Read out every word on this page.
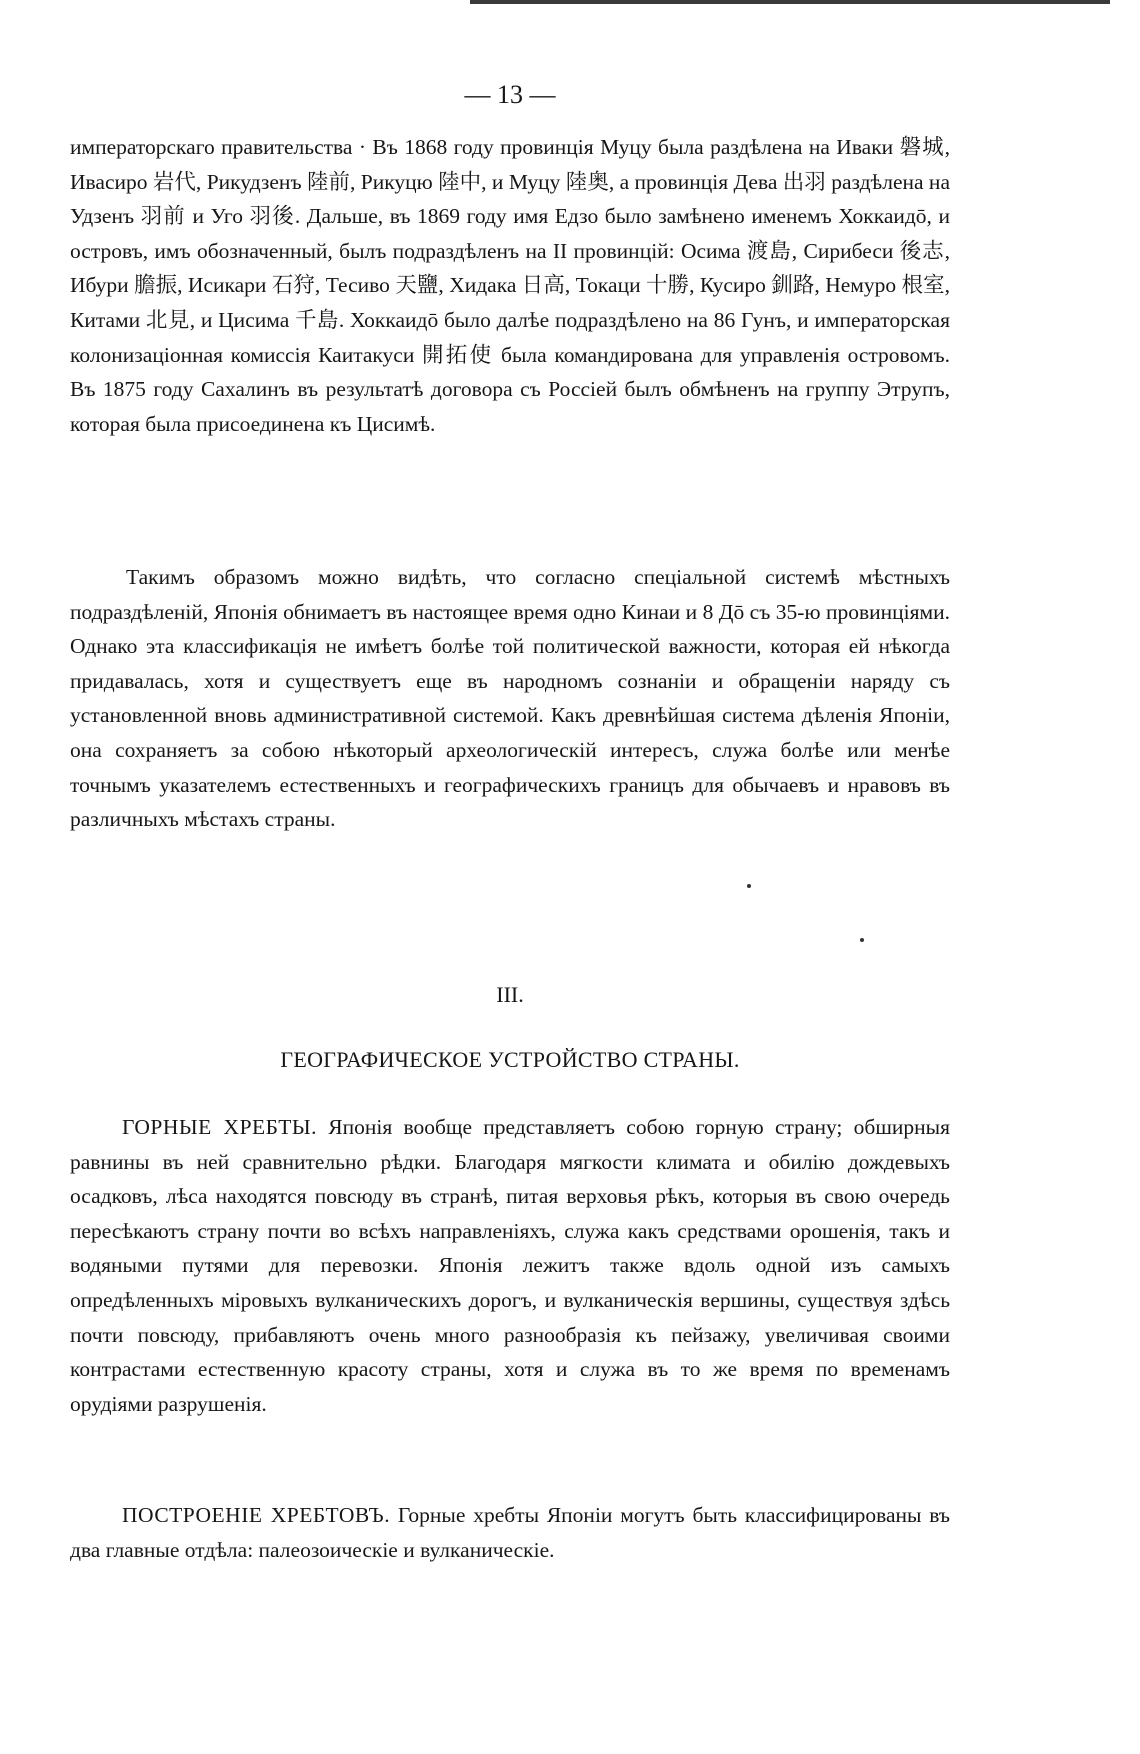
— 13 —

императорскаго правительства · Въ 1868 году провинція Муцу была раздѣлена на Иваки 磐城, Ивасиро 岩代, Рикудзенъ 陸前, Рикуцю 陸中, и Муцу 陸奥, а провинція Дева 出羽 раздѣлена на Удзенъ 羽前 и Уго 羽後. Дальше, въ 1869 году имя Едзо было замѣнено именемъ Хоккаидō, и островъ, имъ обозначенный, былъ подраздѣленъ на II провинцій: Осима 渡島, Сирибеси 後志, Ибури 膽振, Исикари 石狩, Тесиво 天鹽, Хидака 日高, Токаци 十勝, Кусиро 釧路, Немуро 根室, Китами 北見, и Цисима 千島. Хоккаидō было далѣе подраздѣлено на 86 Гунъ, и императорская колонизаціонная комиссія Каитакуси 開拓使 была командирована для управленія островомъ. Въ 1875 году Сахалинъ въ результатѣ договора съ Россіей былъ обмѣненъ на группу Этрупъ, которая была присоединена къ Цисимѣ.

Такимъ образомъ можно видѣть, что согласно спеціальной системѣ мѣстныхъ подраздѣленій, Японія обнимаетъ въ настоящее время одно Кинаи и 8 Дō съ 35-ю провинціями. Однако эта классификація не имѣетъ болѣе той политической важности, которая ей нѣкогда придавалась, хотя и существуетъ еще въ народномъ сознаніи и обращеніи наряду съ установленной вновь административной системой. Какъ древнѣйшая система дѣленія Японіи, она сохраняетъ за собою нѣкоторый археологическій интересъ, служа болѣе или менѣе точнымъ указателемъ естественныхъ и географическихъ границъ для обычаевъ и нравовъ въ различныхъ мѣстахъ страны.

III.
ГЕОГРАФИЧЕСКОЕ УСТРОЙСТВО СТРАНЫ.

ГОРНЫЕ ХРЕБТЫ. Японія вообще представляетъ собою горную страну; обширныя равнины въ ней сравнительно рѣдки. Благодаря мягкости климата и обилію дождевыхъ осадковъ, лѣса находятся повсюду въ странѣ, питая верховья рѣкъ, которыя въ свою очередь пересѣкаютъ страну почти во всѣхъ направленіяхъ, служа какъ средствами орошенія, такъ и водяными путями для перевозки. Японія лежитъ также вдоль одной изъ самыхъ опредѣленныхъ міровыхъ вулканическихъ дорогъ, и вулканическія вершины, существуя здѣсь почти повсюду, прибавляютъ очень много разнообразія къ пейзажу, увеличивая своими контрастами естественную красоту страны, хотя и служа въ то же время по временамъ орудіями разрушенія.

ПОСТРОЕНІЕ ХРЕБТОВЪ. Горные хребты Японіи могутъ быть классифицированы въ два главные отдѣла: палеозоическіе и вулканическіе.
